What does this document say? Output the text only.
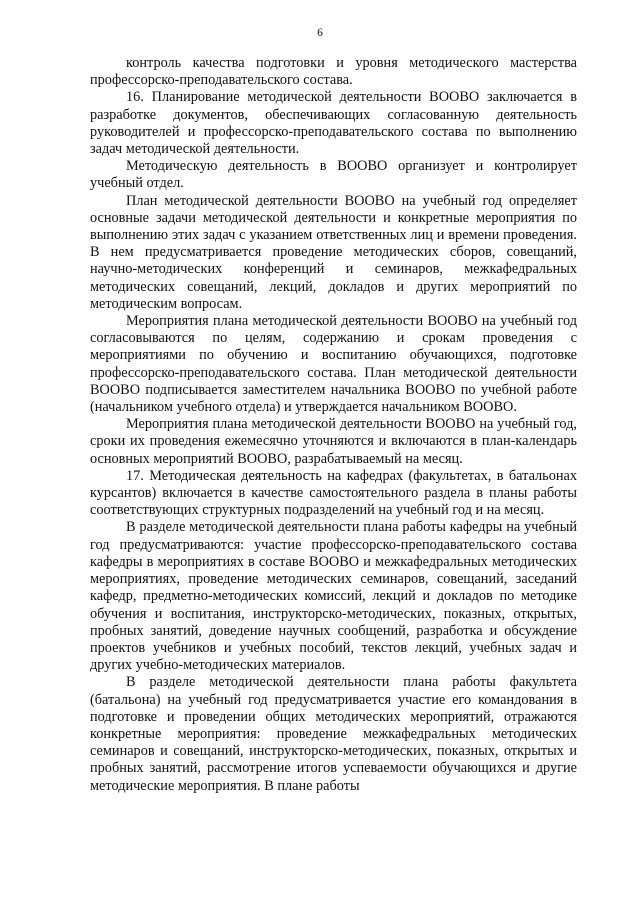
6

контроль качества подготовки и уровня методического мастерства профессорско-преподавательского состава.

16. Планирование методической деятельности ВООВО заключается в разработке документов, обеспечивающих согласованную деятельность руководителей и профессорско-преподавательского состава по выполнению задач методической деятельности.

Методическую деятельность в ВООВО организует и контролирует учебный отдел.

План методической деятельности ВООВО на учебный год определяет основные задачи методической деятельности и конкретные мероприятия по выполнению этих задач с указанием ответственных лиц и времени проведения. В нем предусматривается проведение методических сборов, совещаний, научно-методических конференций и семинаров, межкафедральных методических совещаний, лекций, докладов и других мероприятий по методическим вопросам.

Мероприятия плана методической деятельности ВООВО на учебный год согласовываются по целям, содержанию и срокам проведения с мероприятиями по обучению и воспитанию обучающихся, подготовке профессорско-преподавательского состава. План методической деятельности ВООВО подписывается заместителем начальника ВООВО по учебной работе (начальником учебного отдела) и утверждается начальником ВООВО.

Мероприятия плана методической деятельности ВООВО на учебный год, сроки их проведения ежемесячно уточняются и включаются в план-календарь основных мероприятий ВООВО, разрабатываемый на месяц.

17. Методическая деятельность на кафедрах (факультетах, в батальонах курсантов) включается в качестве самостоятельного раздела в планы работы соответствующих структурных подразделений на учебный год и на месяц.

В разделе методической деятельности плана работы кафедры на учебный год предусматриваются: участие профессорско-преподавательского состава кафедры в мероприятиях в составе ВООВО и межкафедральных методических мероприятиях, проведение методических семинаров, совещаний, заседаний кафедр, предметно-методических комиссий, лекций и докладов по методике обучения и воспитания, инструкторско-методических, показных, открытых, пробных занятий, доведение научных сообщений, разработка и обсуждение проектов учебников и учебных пособий, текстов лекций, учебных задач и других учебно-методических материалов.

В разделе методической деятельности плана работы факультета (батальона) на учебный год предусматривается участие его командования в подготовке и проведении общих методических мероприятий, отражаются конкретные мероприятия: проведение межкафедральных методических семинаров и совещаний, инструкторско-методических, показных, открытых и пробных занятий, рассмотрение итогов успеваемости обучающихся и другие методические мероприятия. В плане работы
